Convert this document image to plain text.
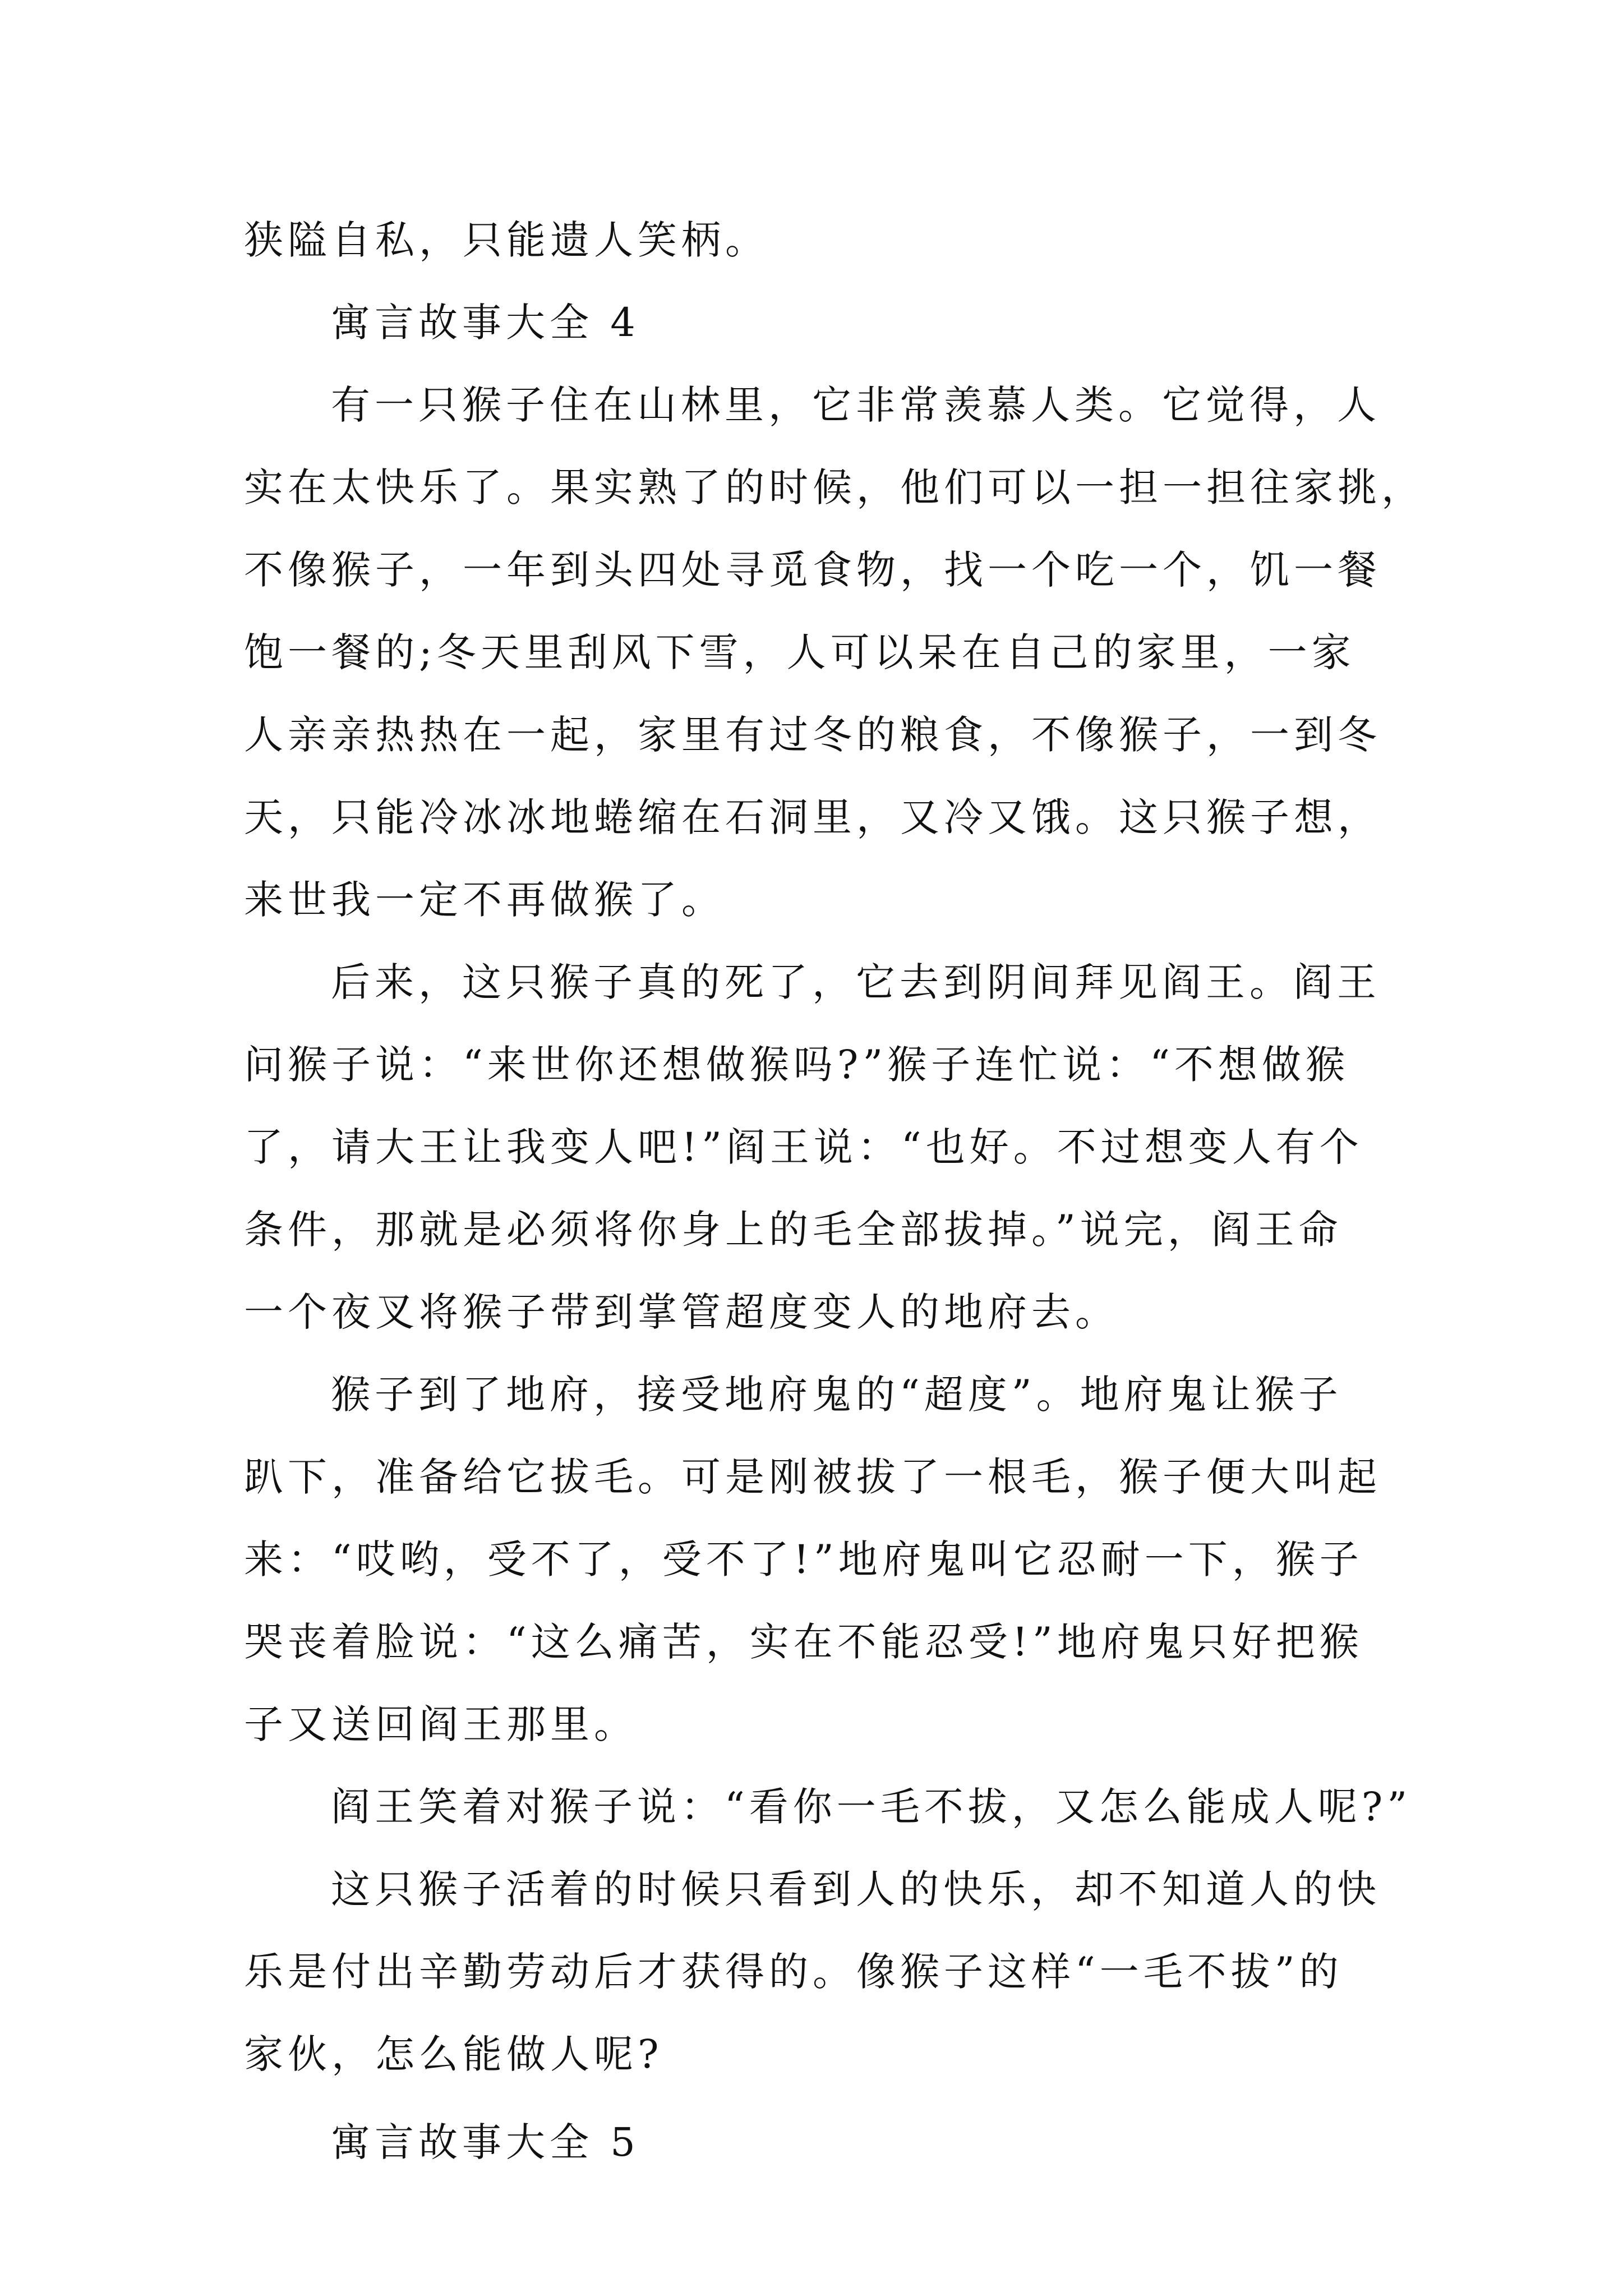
狭隘自私，只能遗人笑柄。
寓言故事大全 4
有一只猴子住在山林里，它非常羡慕人类。它觉得，人
实在太快乐了。果实熟了的时候，他们可以一担一担往家挑，
不像猴子，一年到头四处寻觅食物，找一个吃一个，饥一餐
饱一餐的;冬天里刮风下雪，人可以呆在自己的家里，一家
人亲亲热热在一起，家里有过冬的粮食，不像猴子，一到冬
天，只能冷冰冰地蜷缩在石洞里，又冷又饿。这只猴子想，
来世我一定不再做猴了。
后来，这只猴子真的死了，它去到阴间拜见阎王。阎王
问猴子说：“来世你还想做猴吗?”猴子连忙说：“不想做猴
了，请大王让我变人吧!”阎王说：“也好。不过想变人有个
条件，那就是必须将你身上的毛全部拔掉。”说完，阎王命
一个夜叉将猴子带到掌管超度变人的地府去。
猴子到了地府，接受地府鬼的“超度”。地府鬼让猴子
趴下，准备给它拔毛。可是刚被拔了一根毛，猴子便大叫起
来：“哎哟，受不了，受不了!”地府鬼叫它忍耐一下，猴子
哭丧着脸说：“这么痛苦，实在不能忍受!”地府鬼只好把猴
子又送回阎王那里。
阎王笑着对猴子说：“看你一毛不拔，又怎么能成人呢?”
这只猴子活着的时候只看到人的快乐，却不知道人的快
乐是付出辛勤劳动后才获得的。像猴子这样“一毛不拔”的
家伙，怎么能做人呢?
寓言故事大全 5
